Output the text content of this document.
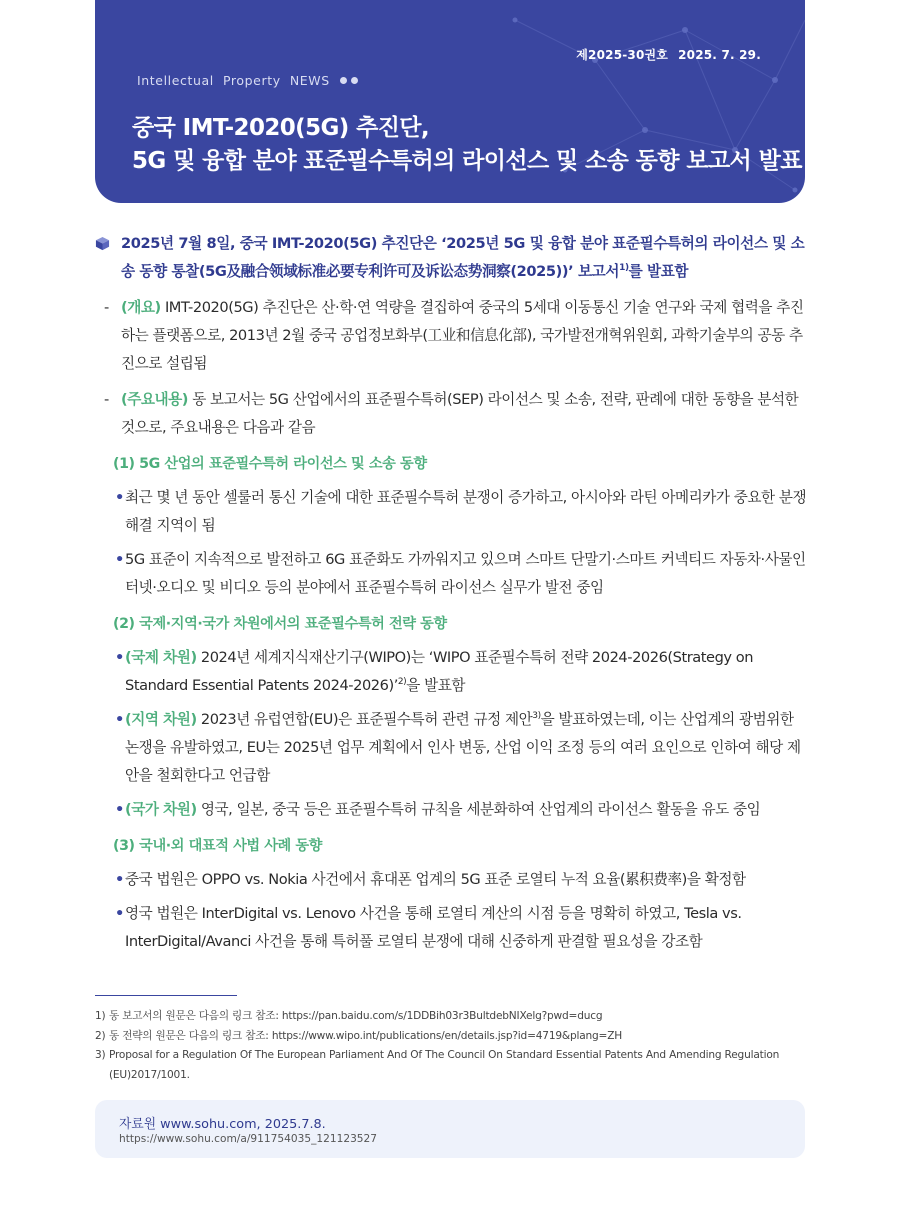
제2025-30권호 2025. 7. 29.
Intellectual  Property  NEWS
중국 IMT-2020(5G) 추진단,
5G 및 융합 분야 표준필수특허의 라이선스 및 소송 동향 보고서 발표
2025년 7월 8일, 중국 IMT-2020(5G) 추진단은 ‘2025년 5G 및 융합 분야 표준필수특허의 라이선스 및 소송 동향 통찰(5G及融合领域标准必要专利许可及诉讼态势洞察(2025))’ 보고서$^{1)}$를 발표함
- (개요) IMT-2020(5G) 추진단은 산·학·연 역량을 결집하여 중국의 5세대 이동통신 기술 연구와 국제 협력을 추진하는 플랫폼으로, 2013년 2월 중국 공업정보화부(工业和信息化部), 국가발전개혁위원회, 과학기술부의 공동 추진으로 설립됨
- (주요내용) 동 보고서는 5G 산업에서의 표준필수특허(SEP) 라이선스 및 소송, 전략, 판례에 대한 동향을 분석한 것으로, 주요내용은 다음과 같음
(1) 5G 산업의 표준필수특허 라이선스 및 소송 동향
• 최근 몇 년 동안 셀룰러 통신 기술에 대한 표준필수특허 분쟁이 증가하고, 아시아와 라틴 아메리카가 중요한 분쟁해결 지역이 됨
• 5G 표준이 지속적으로 발전하고 6G 표준화도 가까워지고 있으며 스마트 단말기·스마트 커넥티드 자동차·사물인터넷·오디오 및 비디오 등의 분야에서 표준필수특허 라이선스 실무가 발전 중임
(2) 국제·지역·국가 차원에서의 표준필수특허 전략 동향
• (국제 차원) 2024년 세계지식재산기구(WIPO)는 ‘WIPO 표준필수특허 전략 2024-2026(Strategy on Standard Essential Patents 2024-2026)’$^{2)}$을 발표함
• (지역 차원) 2023년 유럽연합(EU)은 표준필수특허 관련 규정 제안$^{3)}$을 발표하였는데, 이는 산업계의 광범위한 논쟁을 유발하였고, EU는 2025년 업무 계획에서 인사 변동, 산업 이익 조정 등의 여러 요인으로 인하여 해당 제안을 철회한다고 언급함
• (국가 차원) 영국, 일본, 중국 등은 표준필수특허 규칙을 세분화하여 산업계의 라이선스 활동을 유도 중임
(3) 국내·외 대표적 사법 사례 동향
• 중국 법원은 OPPO vs. Nokia 사건에서 휴대폰 업계의 5G 표준 로열티 누적 요율(累积费率)을 확정함
• 영국 법원은 InterDigital vs. Lenovo 사건을 통해 로열티 계산의 시점 등을 명확히 하였고, Tesla vs. InterDigital/Avanci 사건을 통해 특허풀 로열티 분쟁에 대해 신중하게 판결할 필요성을 강조함
1) 동 보고서의 원문은 다음의 링크 참조: https://pan.baidu.com/s/1DDBih03r3BultdebNIXelg?pwd=ducg
2) 동 전략의 원문은 다음의 링크 참조: https://www.wipo.int/publications/en/details.jsp?id=4719&plang=ZH
3) Proposal for a Regulation Of The European Parliament And Of The Council On Standard Essential Patents And Amending Regulation (EU)2017/1001.
자료원 www.sohu.com, 2025.7.8.
https://www.sohu.com/a/911754035_121123527
